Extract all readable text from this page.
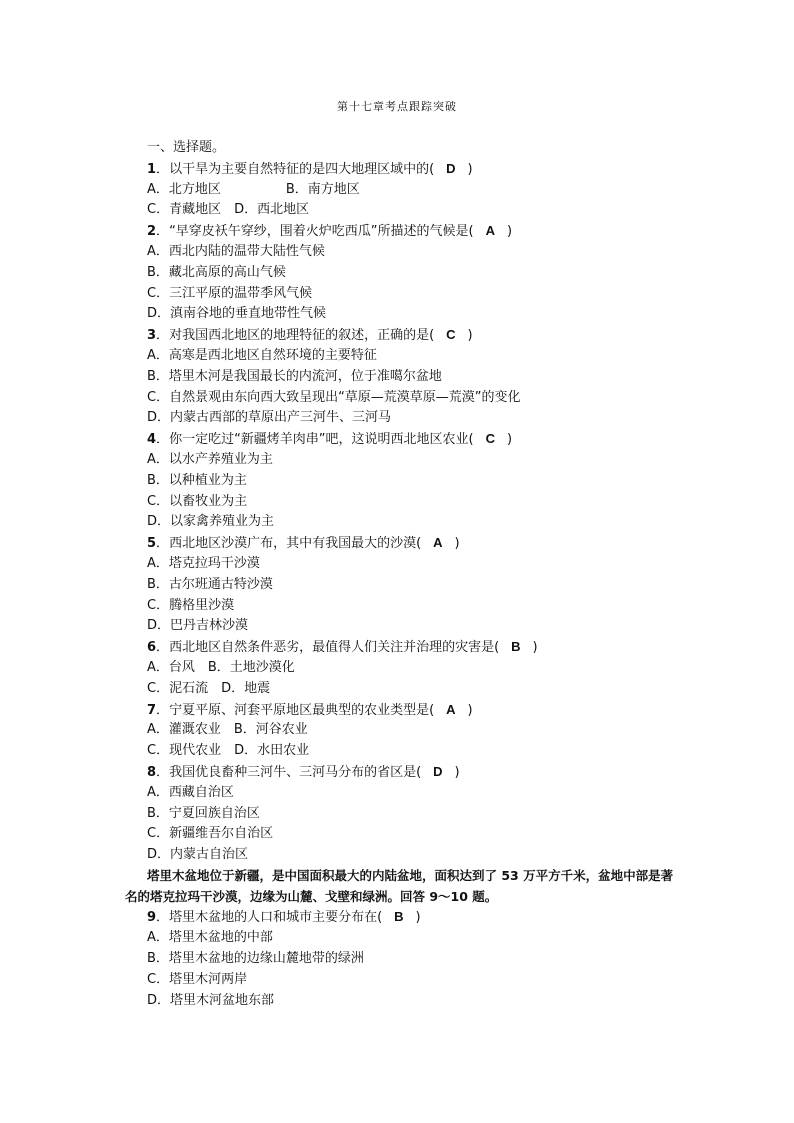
第十七章考点跟踪突破
一、选择题。
1．以干旱为主要自然特征的是四大地理区域中的( D )
A．北方地区　　　　　B．南方地区
C．青藏地区　D．西北地区
2．“早穿皮袄午穿纱，围着火炉吃西瓜”所描述的气候是( A )
A．西北内陆的温带大陆性气候
B．藏北高原的高山气候
C．三江平原的温带季风气候
D．滇南谷地的垂直地带性气候
3．对我国西北地区的地理特征的叙述，正确的是( C )
A．高寒是西北地区自然环境的主要特征
B．塔里木河是我国最长的内流河，位于准噶尔盆地
C．自然景观由东向西大致呈现出“草原—荒漠草原—荒漠”的变化
D．内蒙古西部的草原出产三河牛、三河马
4．你一定吃过“新疆烤羊肉串”吧，这说明西北地区农业( C )
A．以水产养殖业为主
B．以种植业为主
C．以畜牧业为主
D．以家禽养殖业为主
5．西北地区沙漠广布，其中有我国最大的沙漠( A )
A．塔克拉玛干沙漠
B．古尔班通古特沙漠
C．腾格里沙漠
D．巴丹吉林沙漠
6．西北地区自然条件恶劣，最值得人们关注并治理的灾害是( B )
A．台风　B．土地沙漠化
C．泥石流　D．地震
7．宁夏平原、河套平原地区最典型的农业类型是( A )
A．灌溉农业　B．河谷农业
C．现代农业　D．水田农业
8．我国优良畜种三河牛、三河马分布的省区是( D )
A．西藏自治区
B．宁夏回族自治区
C．新疆维吾尔自治区
D．内蒙古自治区
塔里木盆地位于新疆，是中国面积最大的内陆盆地，面积达到了 53 万平方千米，盆地中部是著名的塔克拉玛干沙漠，边缘为山麓、戈壁和绿洲。回答 9～10 题。
9．塔里木盆地的人口和城市主要分布在( B )
A．塔里木盆地的中部
B．塔里木盆地的边缘山麓地带的绿洲
C．塔里木河两岸
D．塔里木河盆地东部
